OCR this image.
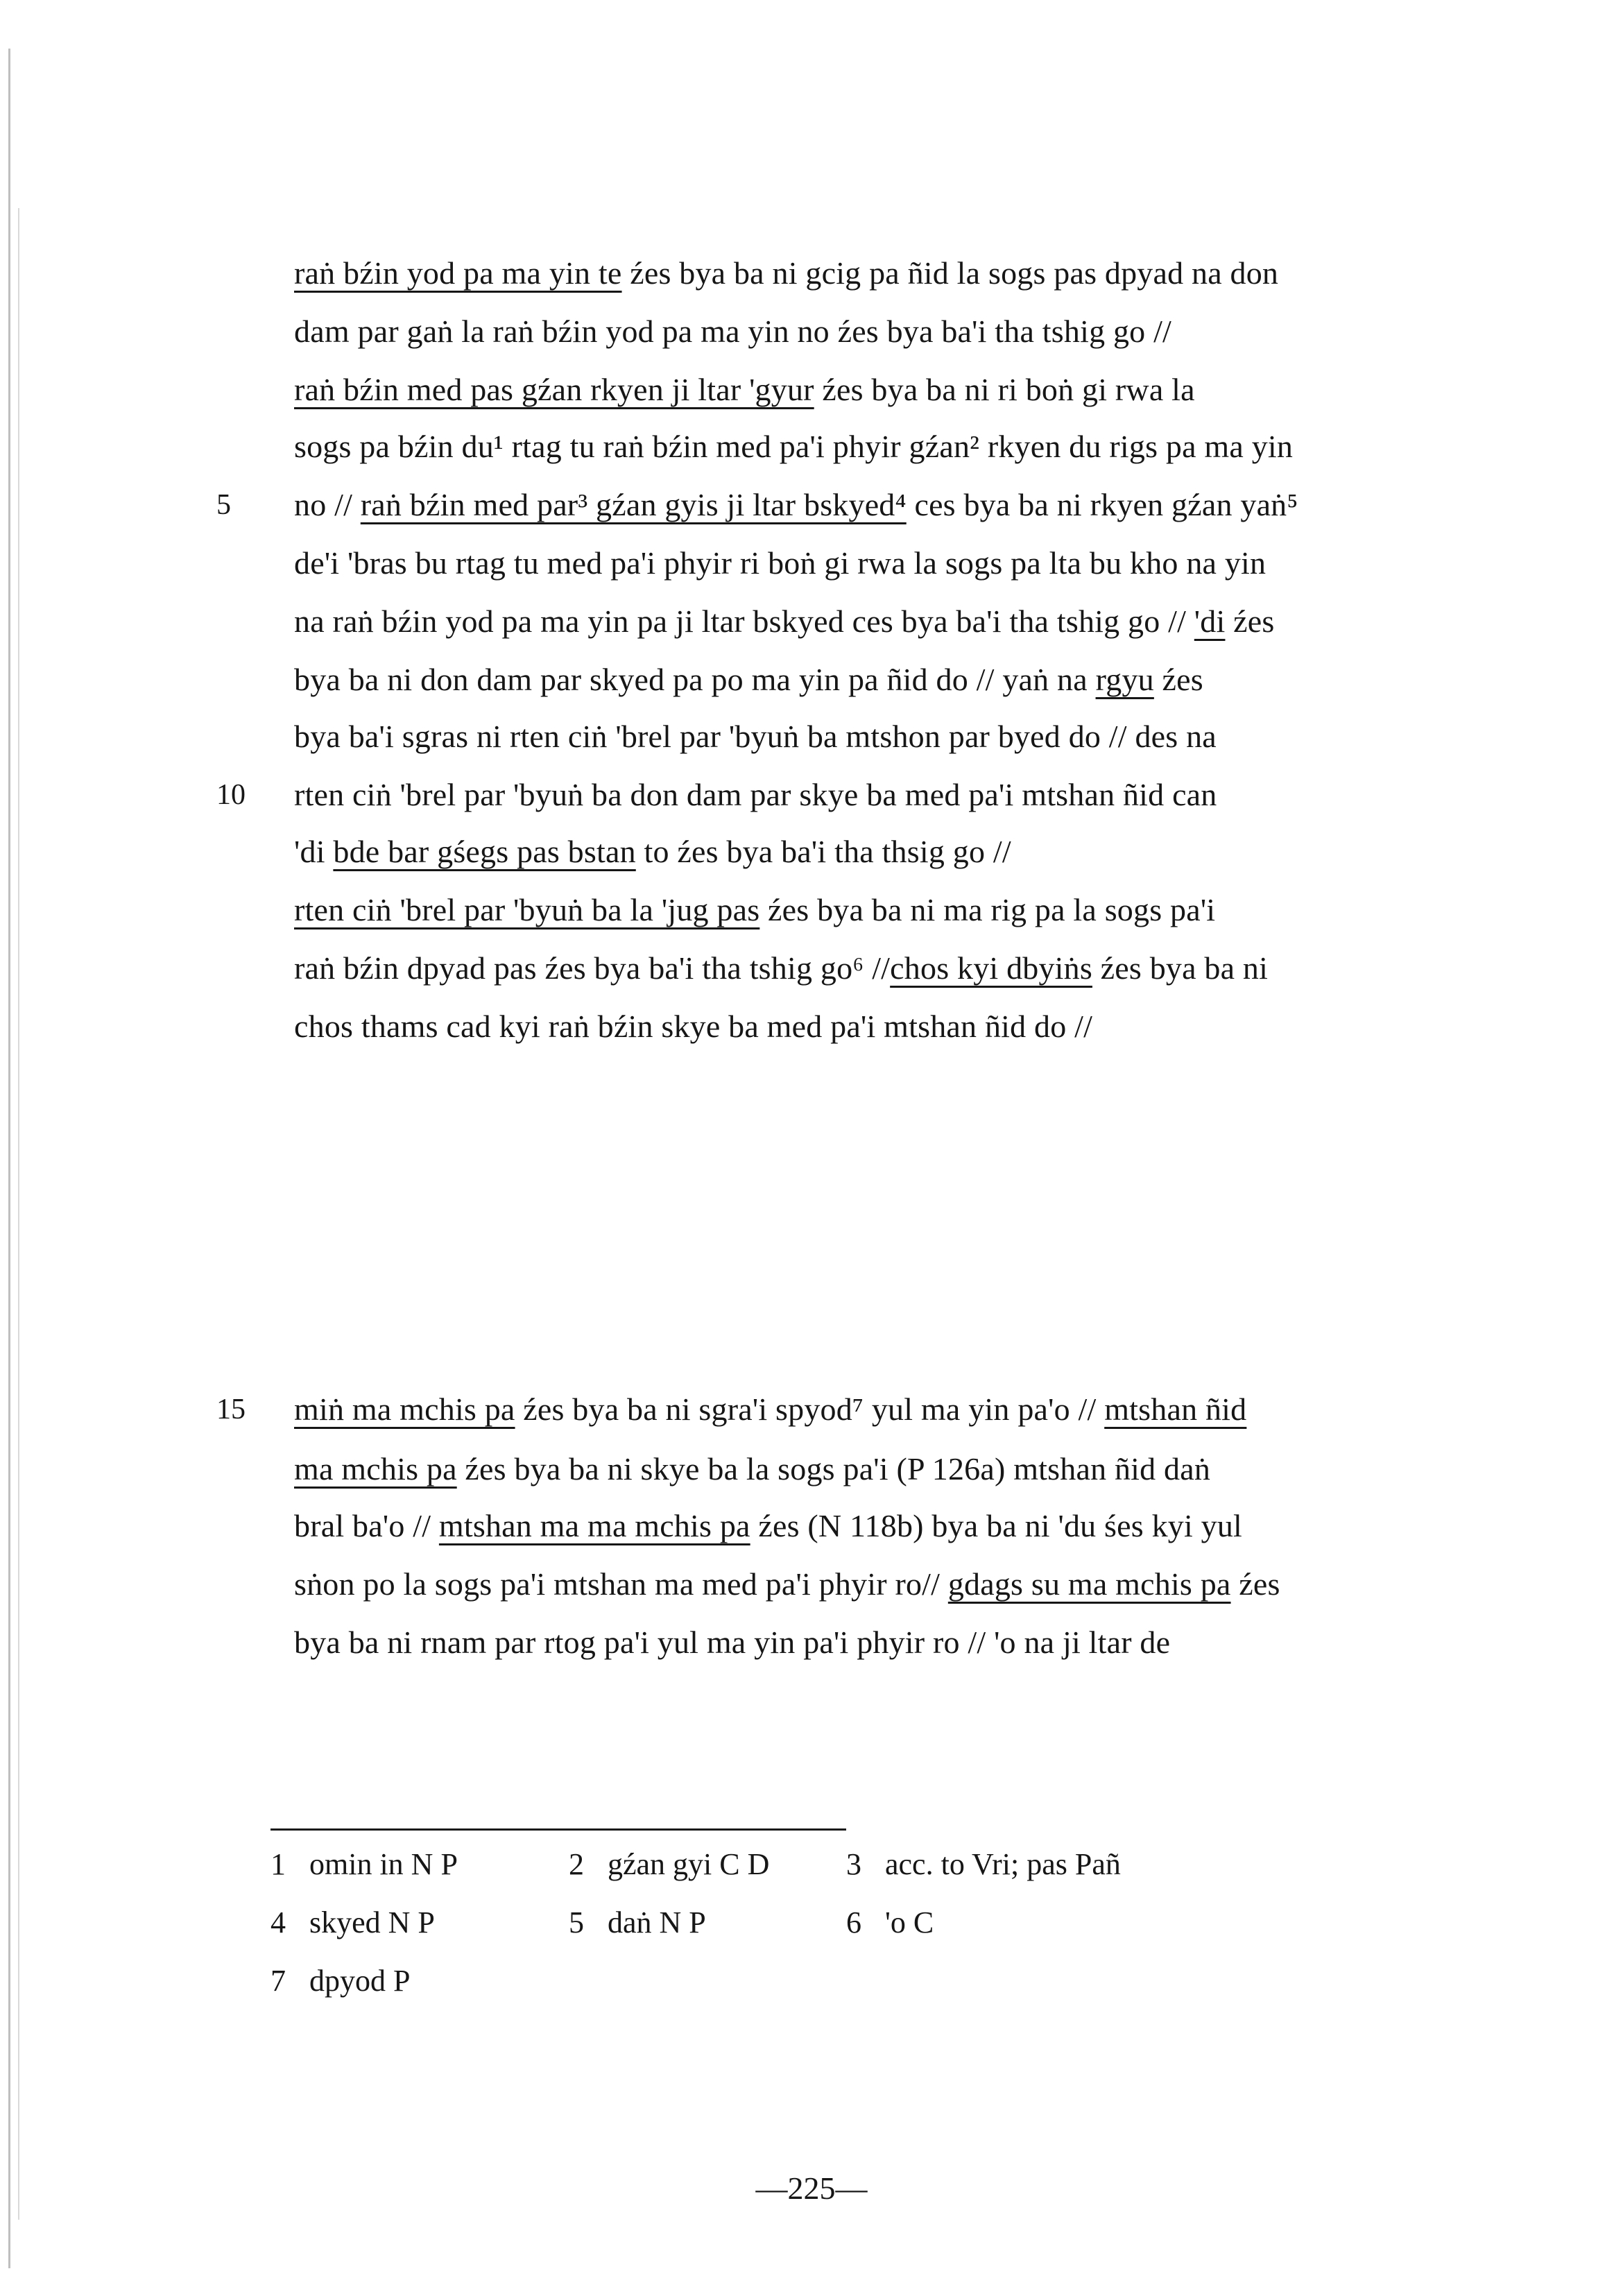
raṅ bźin yod pa ma yin te źes bya ba ni gcig pa ñid la sogs pas dpyad na don
dam par gaṅ la raṅ bźin yod pa ma yin no źes bya ba'i tha tshig go //
raṅ bźin med pas gźan rkyen ji ltar 'gyur źes bya ba ni ri boṅ gi rwa la
sogs pa bźin du¹ rtag tu raṅ bźin med pa'i phyir gźan² rkyen du rigs pa ma yin
no // raṅ bźin med par³ gźan gyis ji ltar bskyed⁴ ces bya ba ni rkyen gźan yaṅ⁵
5
de'i 'bras bu rtag tu med pa'i phyir ri boṅ gi rwa la sogs pa lta bu kho na yin
na raṅ bźin yod pa ma yin pa ji ltar bskyed ces bya ba'i tha tshig go // 'di źes
bya ba ni don dam par skyed pa po ma yin pa ñid do // yaṅ na rgyu źes
bya ba'i sgras ni rten ciṅ 'brel par 'byuṅ ba mtshon par byed do // des na
rten ciṅ 'brel par 'byuṅ ba don dam par skye ba med pa'i mtshan ñid can
10
'di bde bar gśegs pas bstan to źes bya ba'i tha thsig go //
rten ciṅ 'brel par 'byuṅ ba la 'jug pas źes bya ba ni ma rig pa la sogs pa'i
raṅ bźin dpyad pas źes bya ba'i tha tshig go⁶ //chos kyi dbyiṅs źes bya ba ni
chos thams cad kyi raṅ bźin skye ba med pa'i mtshan ñid do //
miṅ ma mchis pa źes bya ba ni sgra'i spyod⁷ yul ma yin pa'o // mtshan ñid
15
ma mchis pa źes bya ba ni skye ba la sogs pa'i (P 126a) mtshan ñid daṅ
bral ba'o // mtshan ma ma mchis pa źes (N 118b) bya ba ni 'du śes kyi yul
sṅon po la sogs pa'i mtshan ma med pa'i phyir ro// gdags su ma mchis pa źes
bya ba ni rnam par rtog pa'i yul ma yin pa'i phyir ro // 'o na ji ltar de
1 omin in N P	2 gźan gyi C D	3 acc. to Vri; pas Pañ
4 skyed N P	5 daṅ N P	6 'o C
7 dpyod P
—225—
